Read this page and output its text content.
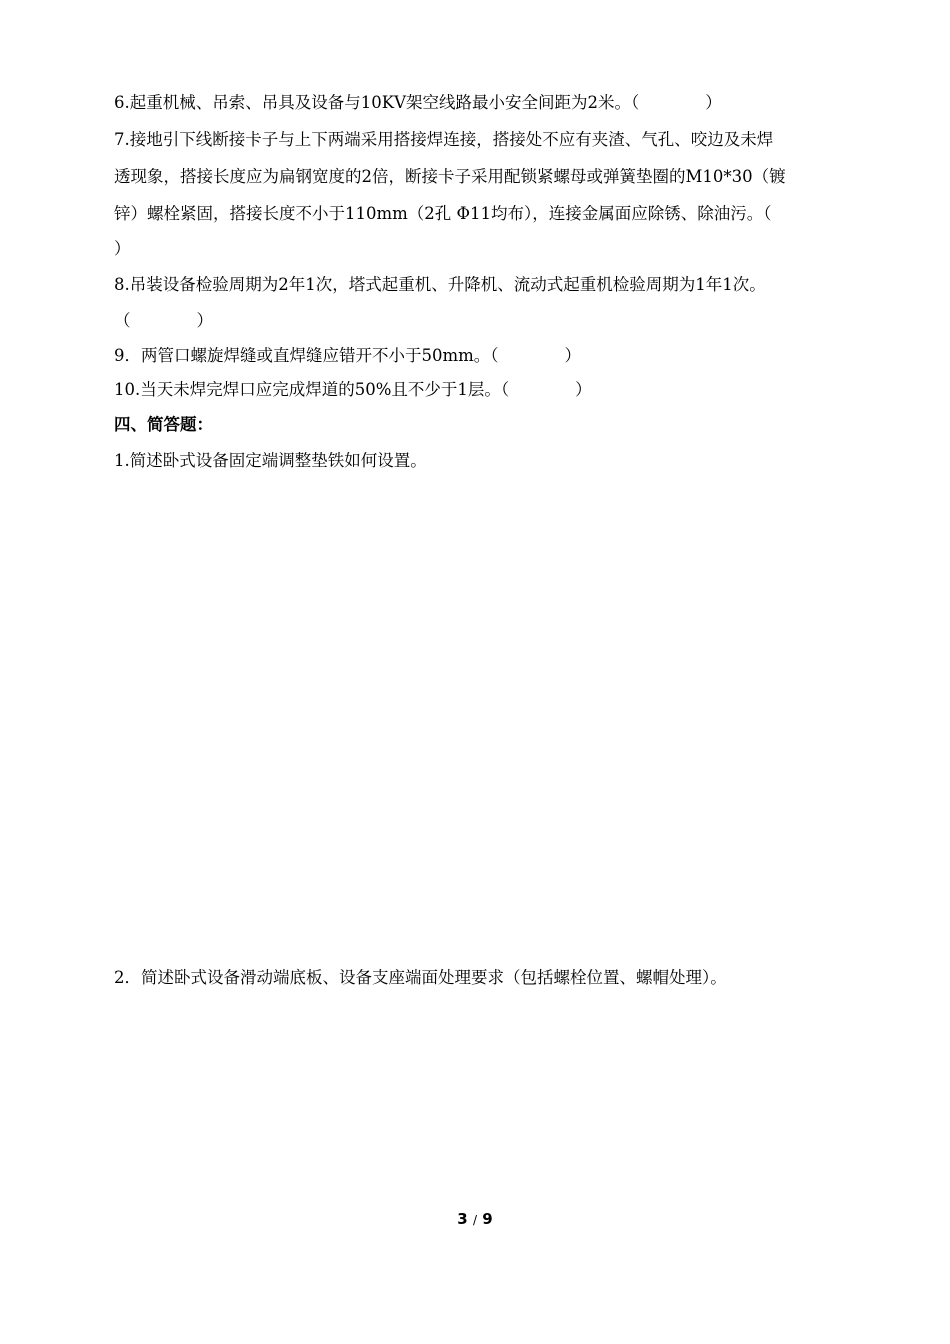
6.起重机械、吊索、吊具及设备与10KV架空线路最小安全间距为2米。（　　　　）
7.接地引下线断接卡子与上下两端采用搭接焊连接，搭接处不应有夹渣、气孔、咬边及未焊
透现象，搭接长度应为扁钢宽度的2倍，断接卡子采用配锁紧螺母或弹簧垫圈的M10*30（镀
锌）螺栓紧固，搭接长度不小于110mm（2孔 Φ11均布），连接金属面应除锈、除油污。（
）
8.吊装设备检验周期为2年1次，塔式起重机、升降机、流动式起重机检验周期为1年1次。
（　　　　）
9．两管口螺旋焊缝或直焊缝应错开不小于50mm。（　　　　）
10.当天未焊完焊口应完成焊道的50%且不少于1层。（　　　　）
四、简答题：
1.简述卧式设备固定端调整垫铁如何设置。
2．简述卧式设备滑动端底板、设备支座端面处理要求（包括螺栓位置、螺帽处理）。
3 / 9
